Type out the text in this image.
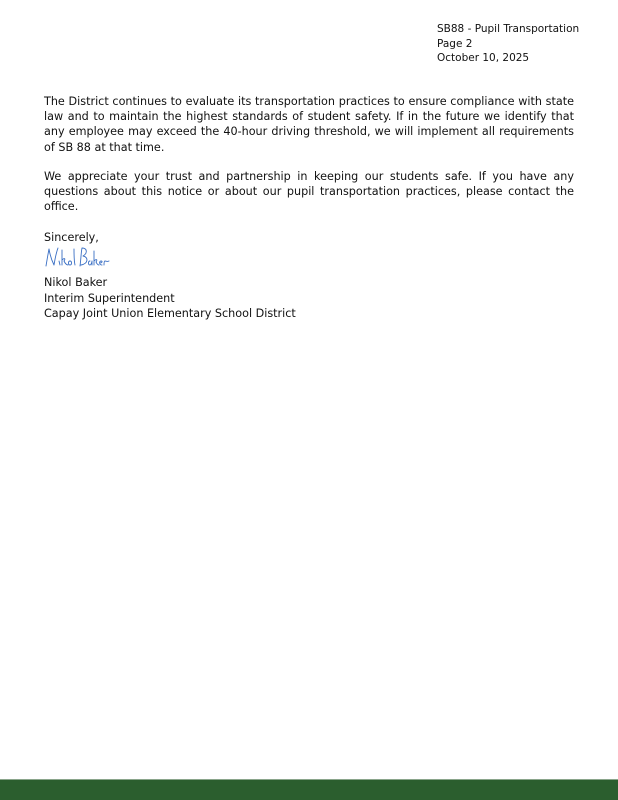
SB88 - Pupil Transportation
Page 2
October 10, 2025

The District continues to evaluate its transportation practices to ensure compliance with state law and to maintain the highest standards of student safety. If in the future we identify that any employee may exceed the 40-hour driving threshold, we will implement all requirements of SB 88 at that time.

We appreciate your trust and partnership in keeping our students safe. If you have any questions about this notice or about our pupil transportation practices, please contact the office.

Sincerely,
Nikol Baker
Interim Superintendent
Capay Joint Union Elementary School District
